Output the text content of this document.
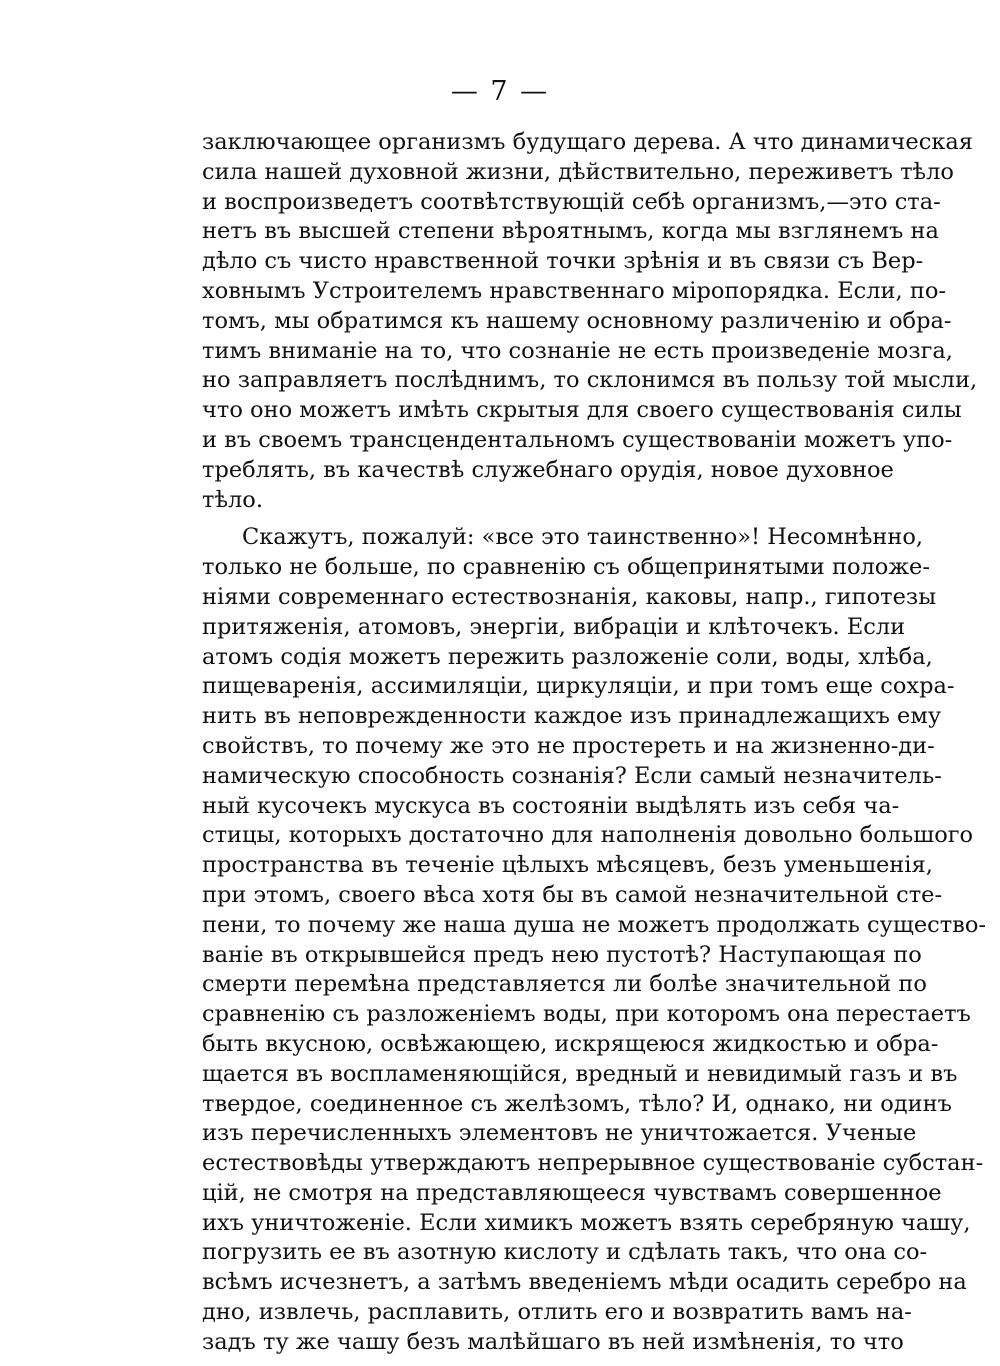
— 7 —
заключающее организмъ будущаго дерева. А что динамическая
сила нашей духовной жизни, дѣйствительно, переживетъ тѣло
и воспроизведетъ соотвѣтствующій себѣ организмъ,—это ста-
нетъ въ высшей степени вѣроятнымъ, когда мы взглянемъ на
дѣло съ чисто нравственной точки зрѣнія и въ связи съ Вер-
ховнымъ Устроителемъ нравственнаго міропорядка. Если, по-
томъ, мы обратимся къ нашему основному различенію и обра-
тимъ вниманіе на то, что сознаніе не есть произведеніе мозга,
но заправляетъ послѣднимъ, то склонимся въ пользу той мысли,
что оно можетъ имѣть скрытыя для своего существованія силы
и въ своемъ трансцендентальномъ существованіи можетъ упо-
треблять, въ качествѣ служебнаго орудія, новое духовное
тѣло.
Скажутъ, пожалуй: «все это таинственно»! Несомнѣнно,
только не больше, по сравненію съ общепринятыми положе-
ніями современнаго естествознанія, каковы, напр., гипотезы
притяженія, атомовъ, энергіи, вибраціи и клѣточекъ. Если
атомъ содія можетъ пережить разложеніе соли, воды, хлѣба,
пищеваренія, ассимиляціи, циркуляціи, и при томъ еще сохра-
нить въ неповрежденности каждое изъ принадлежащихъ ему
свойствъ, то почему же это не простереть и на жизненно-ди-
намическую способность сознанія? Если самый незначитель-
ный кусочекъ мускуса въ состояніи выдѣлять изъ себя ча-
стицы, которыхъ достаточно для наполненія довольно большого
пространства въ теченіе цѣлыхъ мѣсяцевъ, безъ уменьшенія,
при этомъ, своего вѣса хотя бы въ самой незначительной сте-
пени, то почему же наша душа не можетъ продолжать существо-
ваніе въ открывшейся предъ нею пустотѣ? Наступающая по
смерти перемѣна представляется ли болѣе значительной по
сравненію съ разложеніемъ воды, при которомъ она перестаетъ
быть вкусною, освѣжающею, искрящеюся жидкостью и обра-
щается въ воспламеняющійся, вредный и невидимый газъ и въ
твердое, соединенное съ желѣзомъ, тѣло? И, однако, ни одинъ
изъ перечисленныхъ элементовъ не уничтожается. Ученые
естествовѣды утверждаютъ непрерывное существованіе субстан-
цій, не смотря на представляющееся чувствамъ совершенное
ихъ уничтоженіе. Если химикъ можетъ взять серебряную чашу,
погрузить ее въ азотную кислоту и сдѣлать такъ, что она со-
всѣмъ исчезнетъ, а затѣмъ введеніемъ мѣди осадить серебро на
дно, извлечь, расплавить, отлить его и возвратить вамъ на-
задъ ту же чашу безъ малѣйшаго въ ней измѣненія, то что
